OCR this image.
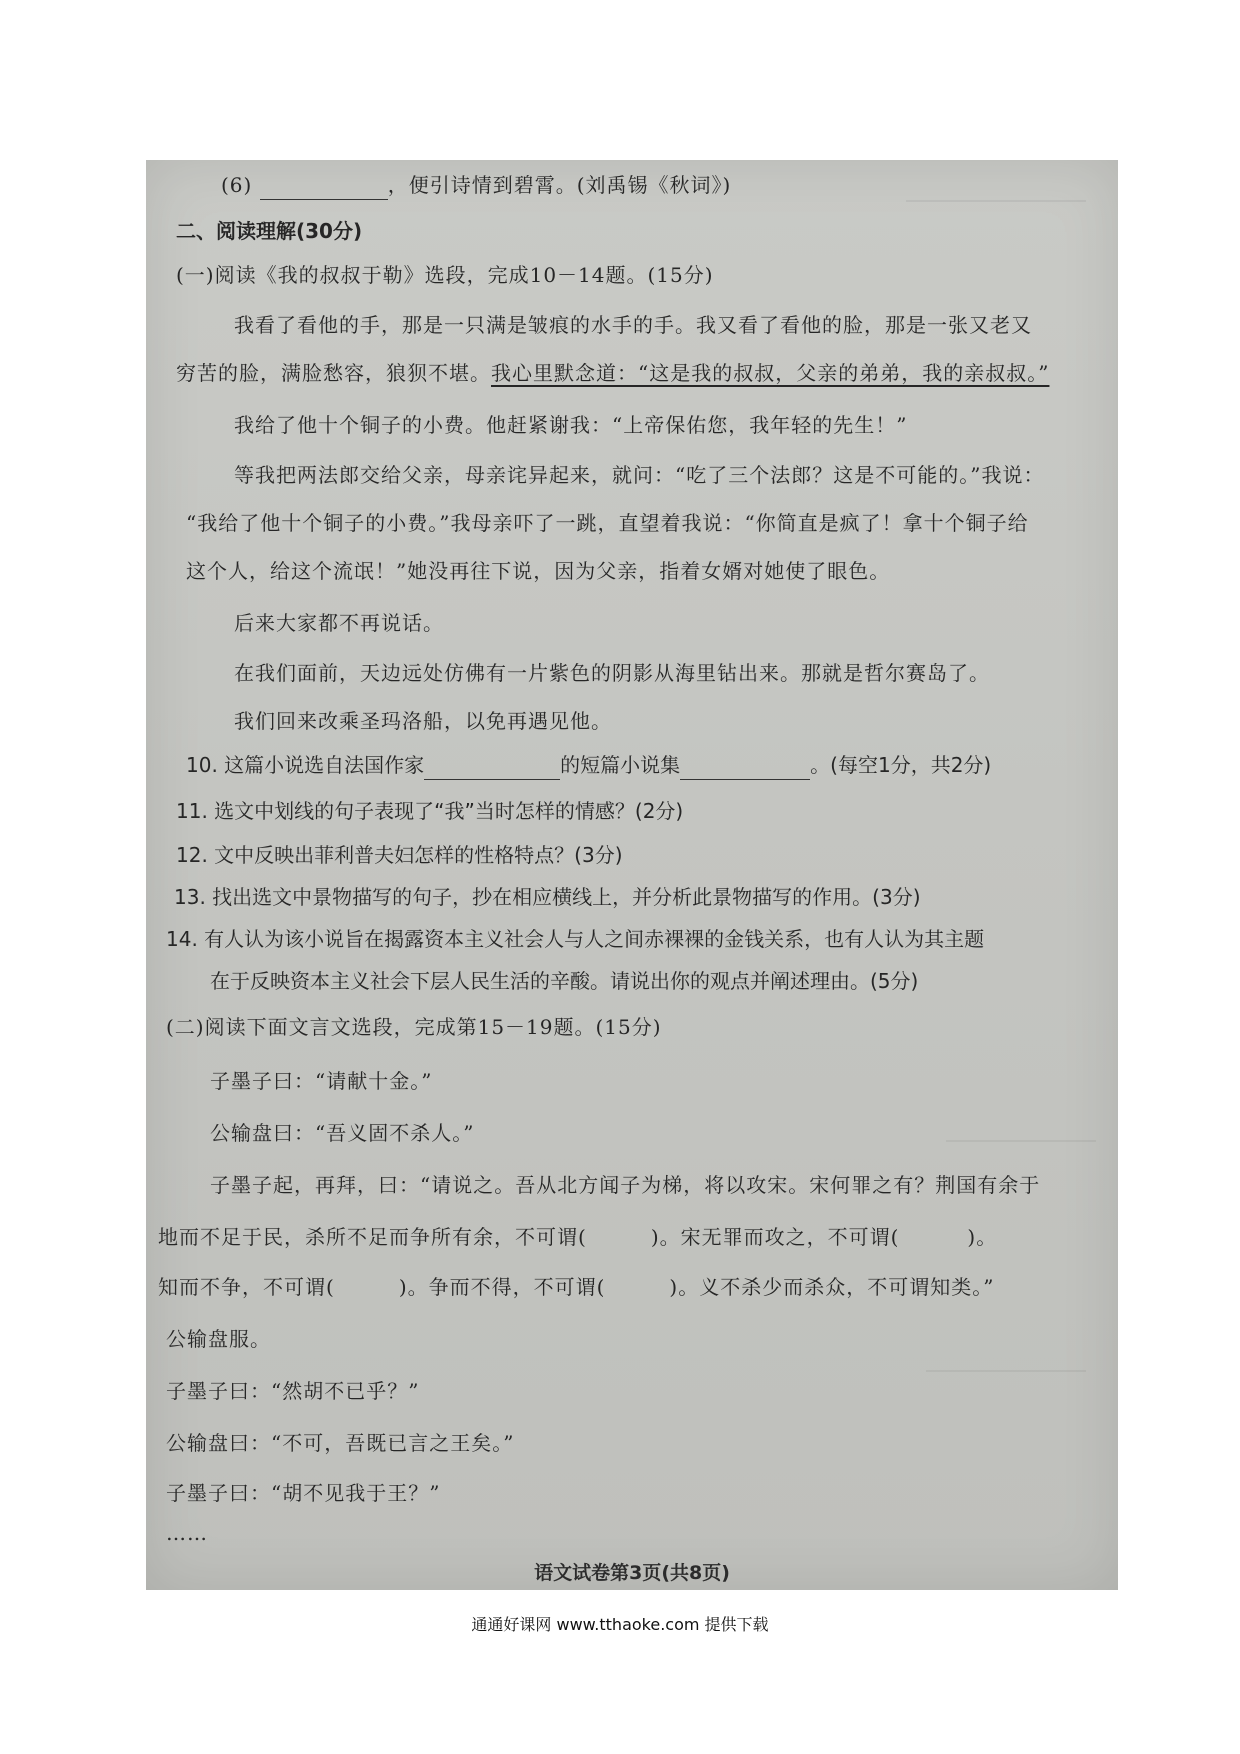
(6)	，便引诗情到碧霄。(刘禹锡《秋词》)
二、阅读理解(30分)
(一)阅读《我的叔叔于勒》选段，完成10－14题。(15分)
我看了看他的手，那是一只满是皱痕的水手的手。我又看了看他的脸，那是一张又老又
穷苦的脸，满脸愁容，狼狈不堪。我心里默念道：“这是我的叔叔，父亲的弟弟，我的亲叔叔。”
我给了他十个铜子的小费。他赶紧谢我：“上帝保佑您，我年轻的先生！”
等我把两法郎交给父亲，母亲诧异起来，就问：“吃了三个法郎？这是不可能的。”我说：
“我给了他十个铜子的小费。”我母亲吓了一跳，直望着我说：“你简直是疯了！拿十个铜子给
这个人，给这个流氓！”她没再往下说，因为父亲，指着女婿对她使了眼色。
后来大家都不再说话。
在我们面前，天边远处仿佛有一片紫色的阴影从海里钻出来。那就是哲尔赛岛了。
我们回来改乘圣玛洛船，以免再遇见他。
10. 这篇小说选自法国作家	的短篇小说集	。(每空1分，共2分)
11. 选文中划线的句子表现了“我”当时怎样的情感？(2分)
12. 文中反映出菲利普夫妇怎样的性格特点？(3分)
13. 找出选文中景物描写的句子，抄在相应横线上，并分析此景物描写的作用。(3分)
14. 有人认为该小说旨在揭露资本主义社会人与人之间赤裸裸的金钱关系，也有人认为其主题
在于反映资本主义社会下层人民生活的辛酸。请说出你的观点并阐述理由。(5分)
(二)阅读下面文言文选段，完成第15－19题。(15分)
子墨子曰：“请献十金。”
公输盘曰：“吾义固不杀人。”
子墨子起，再拜，曰：“请说之。吾从北方闻子为梯，将以攻宋。宋何罪之有？荆国有余于
地而不足于民，杀所不足而争所有余，不可谓(	)。宋无罪而攻之，不可谓(	)。
知而不争，不可谓(	)。争而不得，不可谓(	)。义不杀少而杀众，不可谓知类。”
公输盘服。
子墨子曰：“然胡不已乎？”
公输盘曰：“不可，吾既已言之王矣。”
子墨子曰：“胡不见我于王？”
……
语文试卷第3页(共8页)
通通好课网 www.tthaoke.com 提供下载
